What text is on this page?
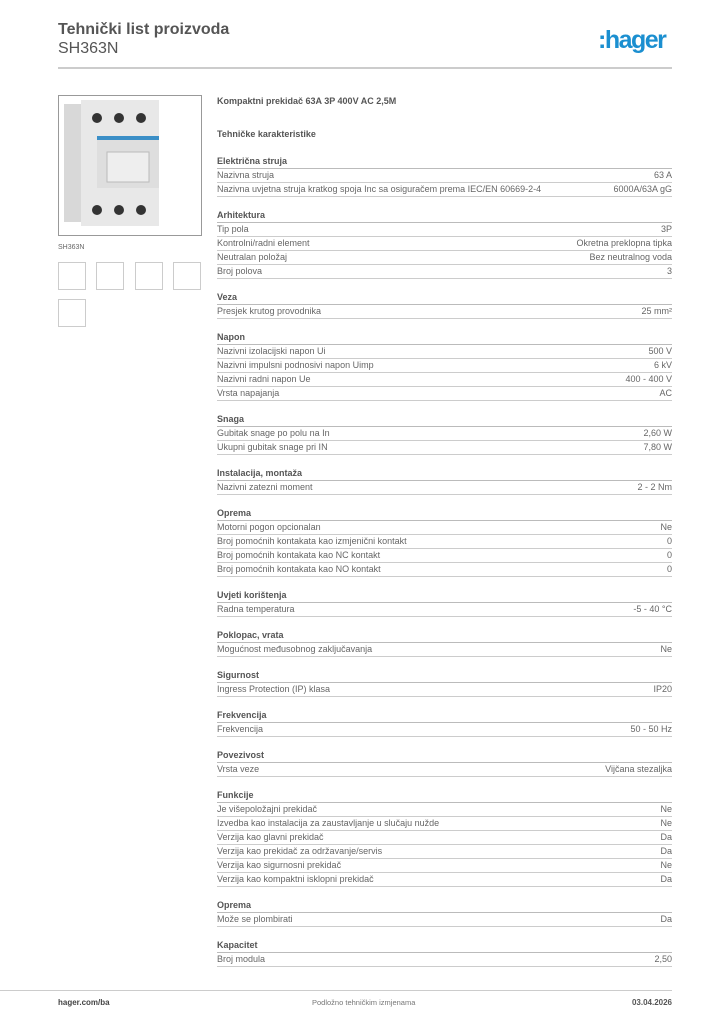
Tehnički list proizvoda
SH363N	:hager
SH363N
Kompaktni prekidač 63A 3P 400V AC 2,5M
Tehničke karakteristike
Električna struja
Nazivna struja	63 A
Nazivna uvjetna struja kratkog spoja Inc sa osiguračem prema IEC/EN 60669-2-4	6000A/63A gG
Arhitektura
Tip pola	3P
Kontrolni/radni element	Okretna preklopna tipka
Neutralan položaj	Bez neutralnog voda
Broj polova	3
Veza
Presjek krutog provodnika	25 mm²
Napon
Nazivni izolacijski napon Ui	500 V
Nazivni impulsni podnosivi napon Uimp	6 kV
Nazivni radni napon Ue	400 - 400 V
Vrsta napajanja	AC
Snaga
Gubitak snage po polu na In	2,60 W
Ukupni gubitak snage pri IN	7,80 W
Instalacija, montaža
Nazivni zatezni moment	2 - 2 Nm
Oprema
Motorni pogon opcionalan	Ne
Broj pomoćnih kontakata kao izmjenični kontakt	0
Broj pomoćnih kontakata kao NC kontakt	0
Broj pomoćnih kontakata kao NO kontakt	0
Uvjeti korištenja
Radna temperatura	-5 - 40 °C
Poklopac, vrata
Mogućnost međusobnog zaključavanja	Ne
Sigurnost
Ingress Protection (IP) klasa	IP20
Frekvencija
Frekvencija	50 - 50 Hz
Povezivost
Vrsta veze	Vijčana stezaljka
Funkcije
Je višepoložajni prekidač	Ne
Izvedba kao instalacija za zaustavljanje u slučaju nužde	Ne
Verzija kao glavni prekidač	Da
Verzija kao prekidač za održavanje/servis	Da
Verzija kao sigurnosni prekidač	Ne
Verzija kao kompaktni isklopni prekidač	Da
Oprema
Može se plombirati	Da
Kapacitet
Broj modula	2,50
hager.com/ba	Podložno tehničkim izmjenama	03.04.2026
